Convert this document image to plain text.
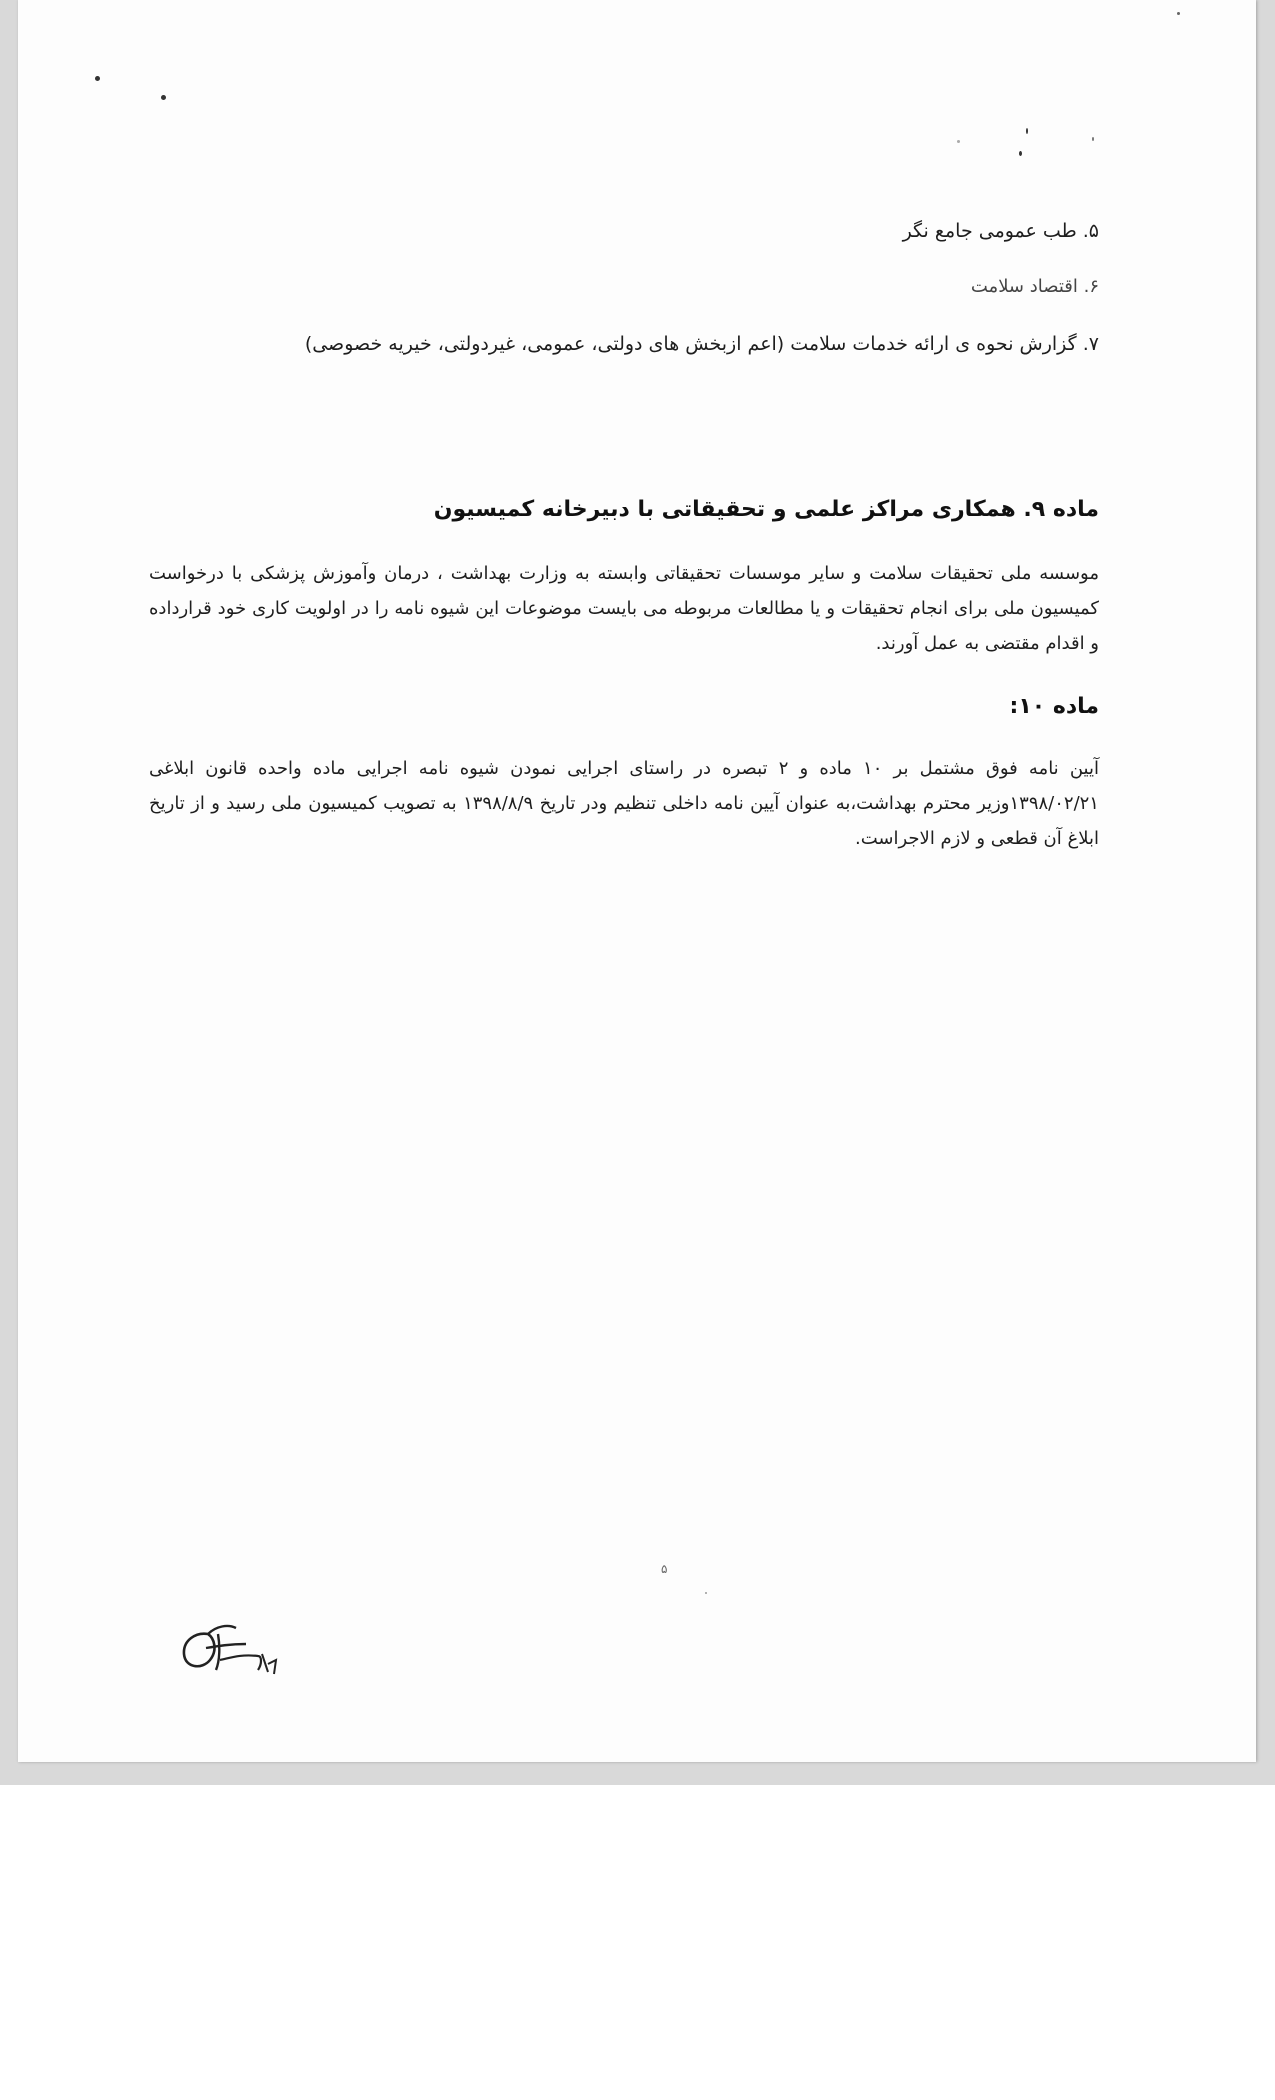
۵. طب عمومی جامع نگر
۶. اقتصاد سلامت
۷. گزارش نحوه ی ارائه خدمات سلامت (اعم ازبخش های دولتی، عمومی، غیردولتی، خیریه خصوصی)
ماده ۹. همکاری مراکز علمی و تحقیقاتی با دبیرخانه کمیسیون
موسسه ملی تحقیقات سلامت و سایر موسسات تحقیقاتی وابسته به وزارت بهداشت ، درمان وآموزش پزشکی با درخواست کمیسیون ملی برای انجام تحقیقات و یا مطالعات مربوطه می بایست موضوعات این شیوه نامه را در اولویت کاری خود قرارداده و اقدام مقتضی به عمل آورند.
ماده ۱۰:
آیین نامه فوق مشتمل بر ۱۰ ماده و ۲ تبصره در راستای اجرایی نمودن شیوه نامه اجرایی ماده واحده قانون ابلاغی ۱۳۹۸/۰۲/۲۱وزیر محترم بهداشت،به عنوان آیین نامه داخلی تنظیم ودر تاریخ ۱۳۹۸/۸/۹ به تصویب کمیسیون ملی رسید و از تاریخ ابلاغ آن قطعی و لازم الاجراست.
۵
